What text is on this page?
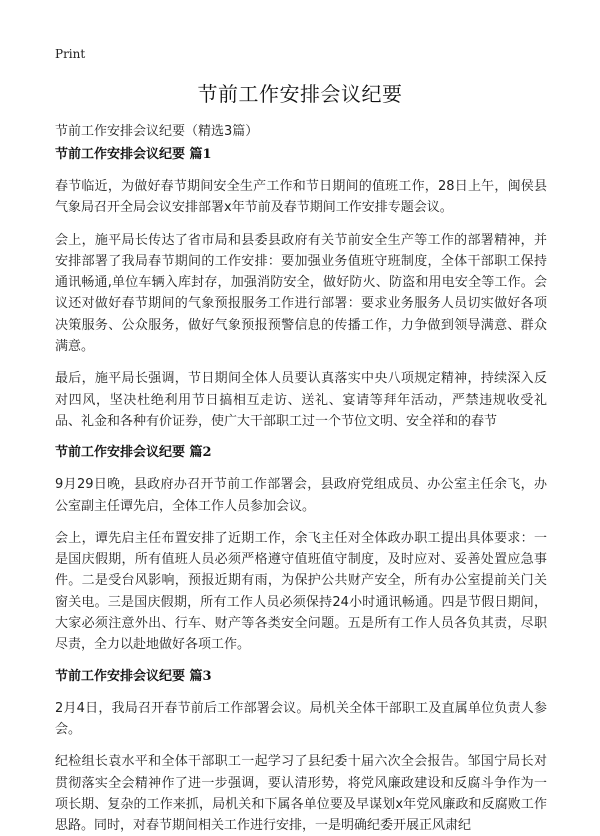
Print
节前工作安排会议纪要
节前工作安排会议纪要（精选3篇）
节前工作安排会议纪要 篇1

春节临近，为做好春节期间安全生产工作和节日期间的值班工作，28日上午，闽侯县气象局召开全局会议安排部署x年节前及春节期间工作安排专题会议。

会上，施平局长传达了省市局和县委县政府有关节前安全生产等工作的部署精神，并安排部署了我局春节期间的工作安排：要加强业务值班守班制度，全体干部职工保持通讯畅通,单位车辆入库封存，加强消防安全，做好防火、防盗和用电安全等工作。会议还对做好春节期间的气象预报服务工作进行部署：要求业务服务人员切实做好各项决策服务、公众服务，做好气象预报预警信息的传播工作，力争做到领导满意、群众满意。

最后，施平局长强调，节日期间全体人员要认真落实中央八项规定精神，持续深入反对四风，坚决杜绝利用节日搞相互走访、送礼、宴请等拜年活动，严禁违规收受礼品、礼金和各种有价证券，使广大干部职工过一个节位文明、安全祥和的春节

节前工作安排会议纪要 篇2

9月29日晚，县政府办召开节前工作部署会，县政府党组成员、办公室主任余飞，办公室副主任谭先启，全体工作人员参加会议。

会上，谭先启主任布置安排了近期工作，余飞主任对全体政办职工提出具体要求：一是国庆假期，所有值班人员必须严格遵守值班值守制度，及时应对、妥善处置应急事件。二是受台风影响，预报近期有雨，为保护公共财产安全，所有办公室提前关门关窗关电。三是国庆假期，所有工作人员必须保持24小时通讯畅通。四是节假日期间，大家必须注意外出、行车、财产等各类安全问题。五是所有工作人员各负其责，尽职尽责，全力以赴地做好各项工作。

节前工作安排会议纪要 篇3

2月4日，我局召开春节前后工作部署会议。局机关全体干部职工及直属单位负责人参会。

纪检组长袁水平和全体干部职工一起学习了县纪委十届六次全会报告。邹国宁局长对贯彻落实全会精神作了进一步强调，要认清形势，将党风廉政建设和反腐斗争作为一项长期、复杂的工作来抓，局机关和下属各单位要及早谋划x年党风廉政和反腐败工作思路。同时，对春节期间相关工作进行安排，一是明确纪委开展正风肃纪
